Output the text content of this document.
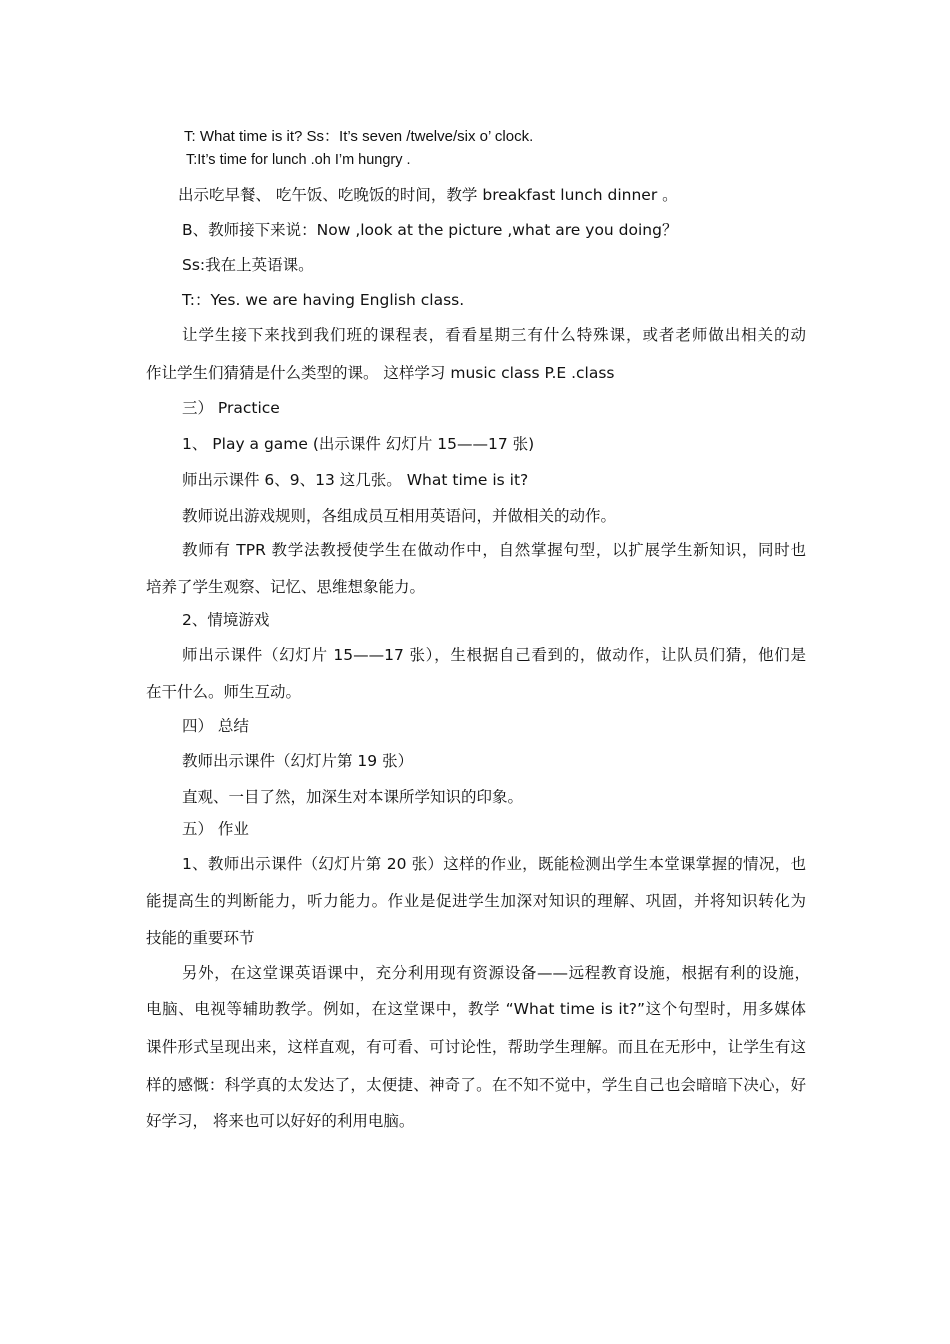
T: What time is it? Ss：It’s seven /twelve/six o’ clock.
T:It’s time for lunch .oh I’m hungry .
出示吃早餐、 吃午饭、吃晚饭的时间，教学 breakfast lunch dinner 。
B、教师接下来说：Now ,look at the picture ,what are you doing？
Ss:我在上英语课。
T:：Yes. we are having English class.
让学生接下来找到我们班的课程表，看看星期三有什么特殊课，或者老师做出相关的动
作让学生们猜猜是什么类型的课。 这样学习 music class P.E .class
三） Practice
1、 Play a game (出示课件 幻灯片 15——17 张)
师出示课件 6、9、13 这几张。 What time is it?
教师说出游戏规则，各组成员互相用英语问，并做相关的动作。
教师有 TPR 教学法教授使学生在做动作中，自然掌握句型，以扩展学生新知识，同时也
培养了学生观察、记忆、思维想象能力。
2、情境游戏
师出示课件（幻灯片 15——17 张），生根据自己看到的，做动作，让队员们猜，他们是
在干什么。师生互动。
四） 总结
教师出示课件（幻灯片第 19 张）
直观、一目了然，加深生对本课所学知识的印象。
五） 作业
1、教师出示课件（幻灯片第 20 张）这样的作业，既能检测出学生本堂课掌握的情况，也
能提高生的判断能力，听力能力。作业是促进学生加深对知识的理解、巩固，并将知识转化为
技能的重要环节
另外，在这堂课英语课中，充分利用现有资源设备——远程教育设施，根据有利的设施，
电脑、电视等辅助教学。例如，在这堂课中，教学 “What time is it?”这个句型时，用多媒体
课件形式呈现出来，这样直观，有可看、可讨论性，帮助学生理解。而且在无形中，让学生有这
样的感慨：科学真的太发达了，太便捷、神奇了。在不知不觉中，学生自己也会暗暗下决心，好
好学习， 将来也可以好好的利用电脑。
